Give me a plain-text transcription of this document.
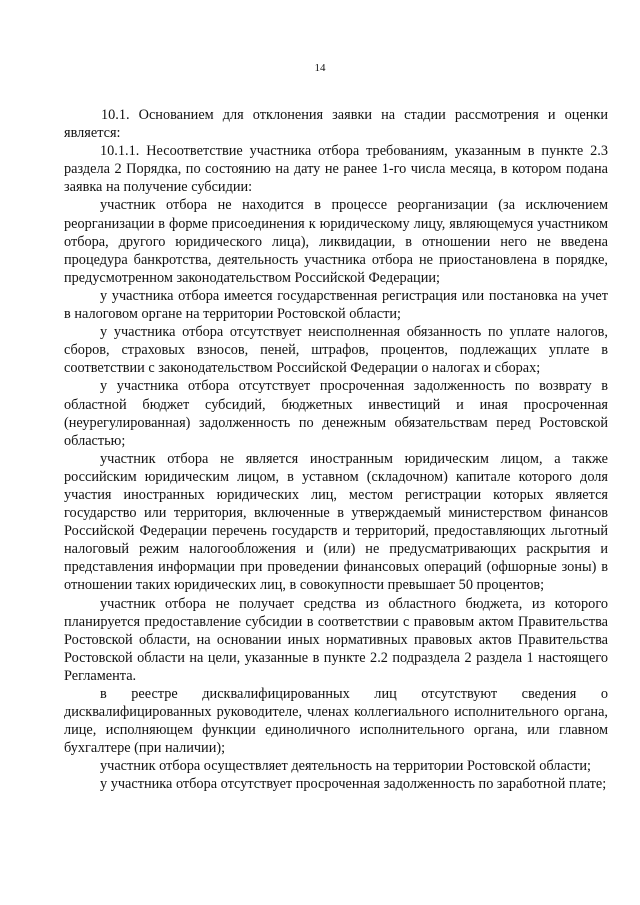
14

10.1. Основанием для отклонения заявки на стадии рассмотрения и оценки является:

10.1.1. Несоответствие участника отбора требованиям, указанным в пункте 2.3 раздела 2 Порядка, по состоянию на дату не ранее 1-го числа месяца, в котором подана заявка на получение субсидии:

участник отбора не находится в процессе реорганизации (за исключением реорганизации в форме присоединения к юридическому лицу, являющемуся участником отбора, другого юридического лица), ликвидации, в отношении него не введена процедура банкротства, деятельность участника отбора не приостановлена в порядке, предусмотренном законодательством Российской Федерации;

у участника отбора имеется государственная регистрация или постановка на учет в налоговом органе на территории Ростовской области;

у участника отбора отсутствует неисполненная обязанность по уплате налогов, сборов, страховых взносов, пеней, штрафов, процентов, подлежащих уплате в соответствии с законодательством Российской Федерации о налогах и сборах;

у участника отбора отсутствует просроченная задолженность по возврату в областной бюджет субсидий, бюджетных инвестиций и иная просроченная (неурегулированная) задолженность по денежным обязательствам перед Ростовской областью;

участник отбора не является иностранным юридическим лицом, а также российским юридическим лицом, в уставном (складочном) капитале которого доля участия иностранных юридических лиц, местом регистрации которых является государство или территория, включенные в утверждаемый министерством финансов Российской Федерации перечень государств и территорий, предоставляющих льготный налоговый режим налогообложения и (или) не предусматривающих раскрытия и представления информации при проведении финансовых операций (офшорные зоны) в отношении таких юридических лиц, в совокупности превышает 50 процентов;

участник отбора не получает средства из областного бюджета, из которого планируется предоставление субсидии в соответствии с правовым актом Правительства Ростовской области, на основании иных нормативных правовых актов Правительства Ростовской области на цели, указанные в пункте 2.2 подраздела 2 раздела 1 настоящего Регламента.

в реестре дисквалифицированных лиц отсутствуют сведения о дисквалифицированных руководителе, членах коллегиального исполнительного органа, лице, исполняющем функции единоличного исполнительного органа, или главном бухгалтере (при наличии);

участник отбора осуществляет деятельность на территории Ростовской области;

у участника отбора отсутствует просроченная задолженность по заработной плате;
